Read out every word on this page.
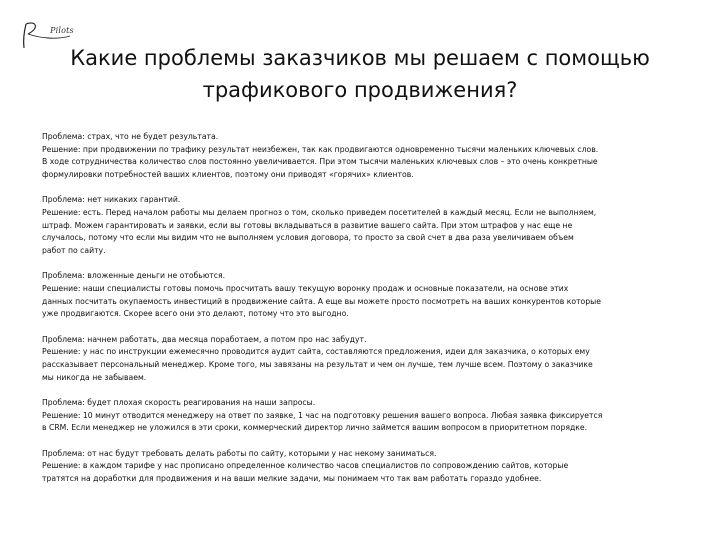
Pilots
Какие проблемы заказчиков мы решаем с помощью
трафикового продвижения?
Проблема: страх, что не будет результата.
Решение: при продвижении по трафику результат неизбежен, так как продвигаются одновременно тысячи маленьких ключевых слов.
В ходе сотрудничества количество слов постоянно увеличивается. При этом тысячи маленьких ключевых слов – это очень конкретные
формулировки потребностей ваших клиентов, поэтому они приводят «горячих» клиентов.
Проблема: нет никаких гарантий.
Решение: есть. Перед началом работы мы делаем прогноз о том, сколько приведем посетителей в каждый месяц. Если не выполняем,
штраф. Можем гарантировать и заявки, если вы готовы вкладываться в развитие вашего сайта. При этом штрафов у нас еще не
случалось, потому что если мы видим что не выполняем условия договора, то просто за свой счет в два раза увеличиваем объем
работ по сайту.
Проблема: вложенные деньги не отобьются.
Решение: наши специалисты готовы помочь просчитать вашу текущую воронку продаж и основные показатели, на основе этих
данных посчитать окупаемость инвестиций в продвижение сайта. А еще вы можете просто посмотреть на ваших конкурентов которые
уже продвигаются. Скорее всего они это делают, потому что это выгодно.
Проблема: начнем работать, два месяца поработаем, а потом про нас забудут.
Решение: у нас по инструкции ежемесячно проводится аудит сайта, составляются предложения, идеи для заказчика, о которых ему
рассказывает персональный менеджер. Кроме того, мы завязаны на результат и чем он лучше, тем лучше всем. Поэтому о заказчике
мы никогда не забываем.
Проблема: будет плохая скорость реагирования на наши запросы.
Решение: 10 минут отводится менеджеру на ответ по заявке, 1 час на подготовку решения вашего вопроса. Любая заявка фиксируется
в CRM. Если менеджер не уложился в эти сроки, коммерческий директор лично займется вашим вопросом в приоритетном порядке.
Проблема: от нас будут требовать делать работы по сайту, которыми у нас некому заниматься.
Решение: в каждом тарифе у нас прописано определенное количество часов специалистов по сопровождению сайтов, которые
тратятся на доработки для продвижения и на ваши мелкие задачи, мы понимаем что так вам работать гораздо удобнее.
